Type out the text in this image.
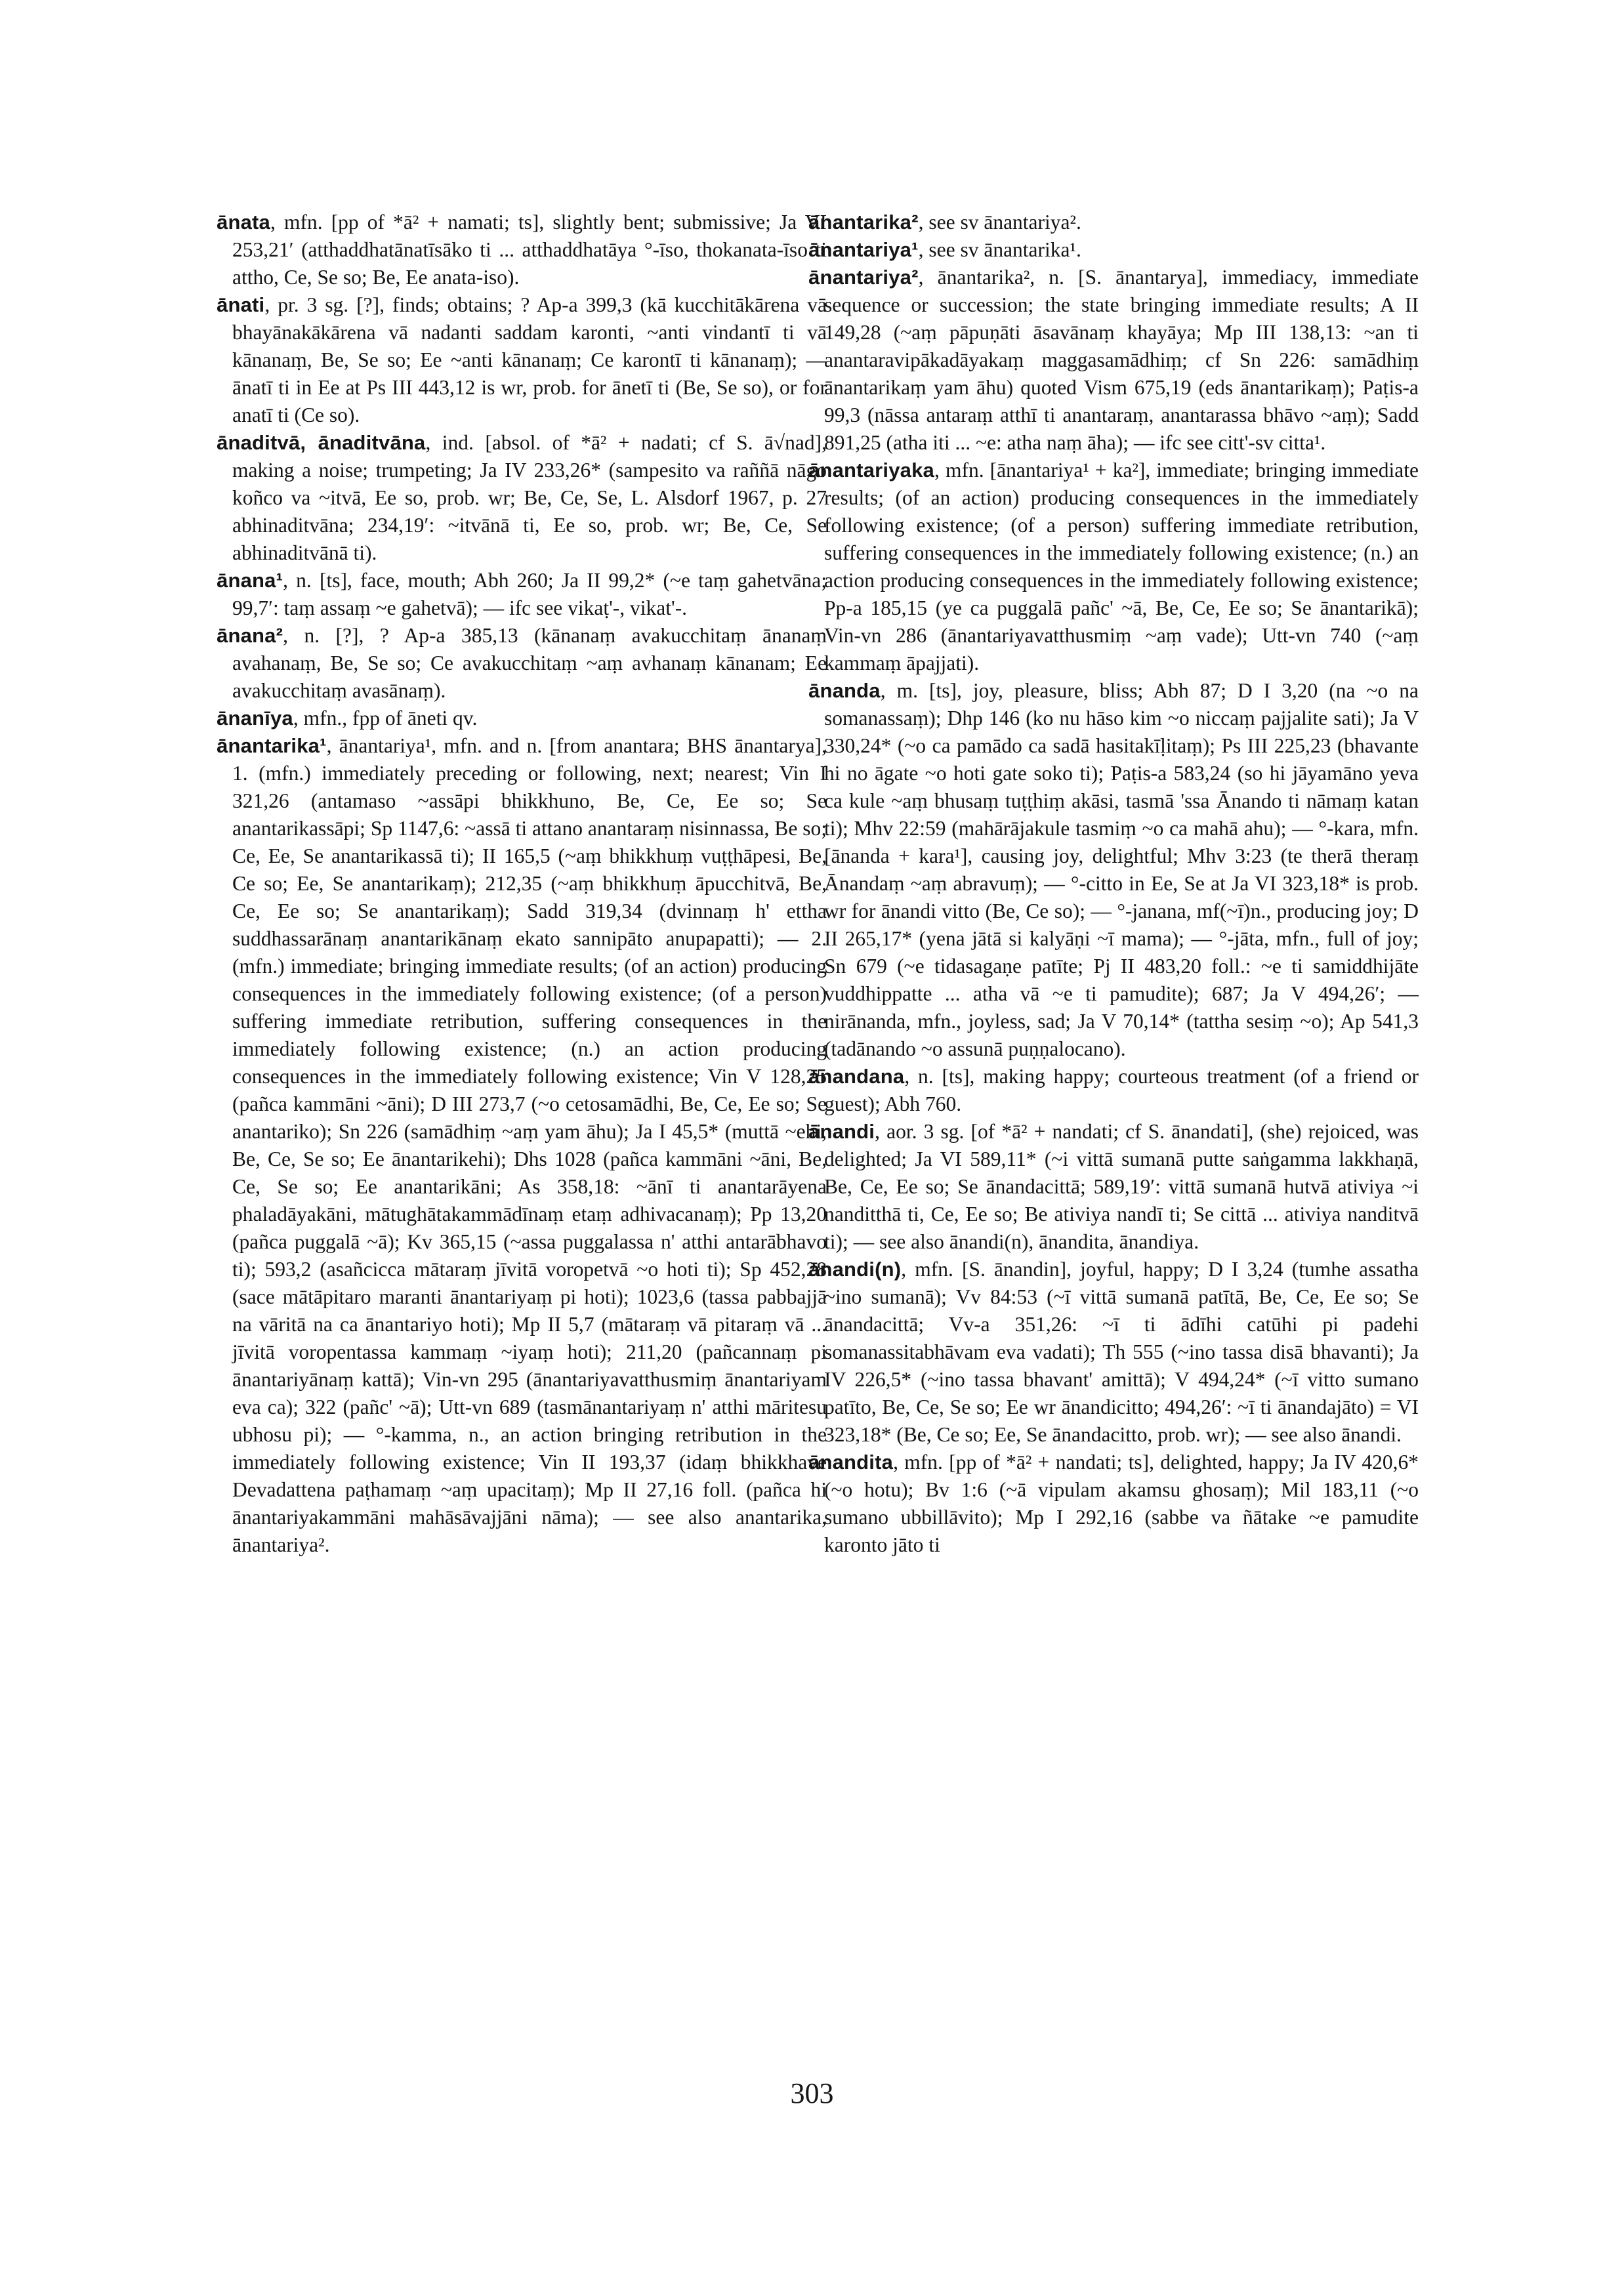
ānata, mfn. [pp of *ā² + namati; ts], slightly bent; submissive; Ja VI 253,21ʹ (atthaddhatānatīsāko ti ... atthaddhatāya °-īso, thokanata-īso ti attho, Ce, Se so; Be, Ee anata-iso).

ānati, pr. 3 sg. [?], finds; obtains; ? Ap-a 399,3 (kā kucchitākārena vā bhayānakākārena vā nadanti saddam karonti, ~anti vindantī ti vā kānanaṃ, Be, Se so; Ee ~anti kānanaṃ; Ce karontī ti kānanaṃ); — ānatī ti in Ee at Ps III 443,12 is wr, prob. for ānetī ti (Be, Se so), or for anatī ti (Ce so).

ānaditvā, ānaditvāna, ind. [absol. of *ā² + nadati; cf S. ā√nad], making a noise; trumpeting; Ja IV 233,26* (sampesito va raññā nāgo koñco va ~itvā, Ee so, prob. wr; Be, Ce, Se, L. Alsdorf 1967, p. 27 abhinaditvāna; 234,19ʹ: ~itvānā ti, Ee so, prob. wr; Be, Ce, Se abhinaditvānā ti).

ānana¹, n. [ts], face, mouth; Abh 260; Ja II 99,2* (~e taṃ gahetvāna; 99,7ʹ: taṃ assaṃ ~e gahetvā); — ifc see vikaṭ'-, vikat'-.

ānana², n. [?], ? Ap-a 385,13 (kānanaṃ avakucchitaṃ ānanaṃ avahanaṃ, Be, Se so; Ce avakucchitaṃ ~aṃ avhanaṃ kānanam; Ee avakucchitaṃ avasānaṃ).

ānanīya, mfn., fpp of āneti qv.

ānantarika¹, ānantariya¹, mfn. and n. [from anantara; BHS ānantarya], 1. (mfn.) immediately preceding or following, next; nearest; Vin I 321,26 (antamaso ~assāpi bhikkhuno, Be, Ce, Ee so; Se anantarikassāpi; Sp 1147,6: ~assā ti attano anantaraṃ nisinnassa, Be so; Ce, Ee, Se anantarikassā ti); II 165,5 (~aṃ bhikkhuṃ vuṭṭhāpesi, Be, Ce so; Ee, Se anantarikaṃ); 212,35 (~aṃ bhikkhuṃ āpucchitvā, Be, Ce, Ee so; Se anantarikaṃ); Sadd 319,34 (dvinnaṃ h' ettha suddhassarānaṃ anantarikānaṃ ekato sannipāto anupapatti); — 2. (mfn.) immediate; bringing immediate results; (of an action) producing consequences in the immediately following existence; (of a person) suffering immediate retribution, suffering consequences in the immediately following existence; (n.) an action producing consequences in the immediately following existence; Vin V 128,25 (pañca kammāni ~āni); D III 273,7 (~o cetosamādhi, Be, Ce, Ee so; Se anantariko); Sn 226 (samādhiṃ ~aṃ yam āhu); Ja I 45,5* (muttā ~ehi, Be, Ce, Se so; Ee ānantarikehi); Dhs 1028 (pañca kammāni ~āni, Be, Ce, Se so; Ee anantarikāni; As 358,18: ~ānī ti anantarāyena phaladāyakāni, mātughātakammādīnaṃ etaṃ adhivacanaṃ); Pp 13,20 (pañca puggalā ~ā); Kv 365,15 (~assa puggalassa n' atthi antarābhavo ti); 593,2 (asañcicca mātaraṃ jīvitā voropetvā ~o hoti ti); Sp 452,28 (sace mātāpitaro maranti ānantariyaṃ pi hoti); 1023,6 (tassa pabbajjā na vāritā na ca ānantariyo hoti); Mp II 5,7 (mātaraṃ vā pitaraṃ vā ... jīvitā voropentassa kammaṃ ~iyaṃ hoti); 211,20 (pañcannaṃ pi ānantariyānaṃ kattā); Vin-vn 295 (ānantariyavatthusmiṃ ānantariyam eva ca); 322 (pañc' ~ā); Utt-vn 689 (tasmānantariyaṃ n' atthi māritesu ubhosu pi); — °-kamma, n., an action bringing retribution in the immediately following existence; Vin II 193,37 (idaṃ bhikkhave Devadattena paṭhamaṃ ~aṃ upacitaṃ); Mp II 27,16 foll. (pañca hi ānantariyakammāni mahāsāvajjāni nāma); — see also anantarika, ānantariya².

ānantarika², see sv ānantariya².

ānantariya¹, see sv ānantarika¹.

ānantariya², ānantarika², n. [S. ānantarya], immediacy, immediate sequence or succession; the state bringing immediate results; A II 149,28 (~aṃ pāpuṇāti āsavānaṃ khayāya; Mp III 138,13: ~an ti anantaravipākadāyakaṃ maggasamādhiṃ; cf Sn 226: samādhiṃ ānantarikaṃ yam āhu) quoted Vism 675,19 (eds ānantarikaṃ); Paṭis-a 99,3 (nāssa antaraṃ atthī ti anantaraṃ, anantarassa bhāvo ~aṃ); Sadd 891,25 (atha iti ... ~e: atha naṃ āha); — ifc see citt'-sv citta¹.

ānantariyaka, mfn. [ānantariya¹ + ka²], immediate; bringing immediate results; (of an action) producing consequences in the immediately following existence; (of a person) suffering immediate retribution, suffering consequences in the immediately following existence; (n.) an action producing consequences in the immediately following existence; Pp-a 185,15 (ye ca puggalā pañc' ~ā, Be, Ce, Ee so; Se ānantarikā); Vin-vn 286 (ānantariyavatthusmiṃ ~aṃ vade); Utt-vn 740 (~aṃ kammaṃ āpajjati).

ānanda, m. [ts], joy, pleasure, bliss; Abh 87; D I 3,20 (na ~o na somanassaṃ); Dhp 146 (ko nu hāso kim ~o niccaṃ pajjalite sati); Ja V 330,24* (~o ca pamādo ca sadā hasitakīḷitaṃ); Ps III 225,23 (bhavante hi no āgate ~o hoti gate soko ti); Paṭis-a 583,24 (so hi jāyamāno yeva ca kule ~aṃ bhusaṃ tuṭṭhiṃ akāsi, tasmā 'ssa Ānando ti nāmaṃ katan ti); Mhv 22:59 (mahārājakule tasmiṃ ~o ca mahā ahu); — °-kara, mfn. [ānanda + kara¹], causing joy, delightful; Mhv 3:23 (te therā theraṃ Ānandaṃ ~aṃ abravuṃ); — °-citto in Ee, Se at Ja VI 323,18* is prob. wr for ānandi vitto (Be, Ce so); — °-janana, mf(~ī)n., producing joy; D II 265,17* (yena jātā si kalyāṇi ~ī mama); — °-jāta, mfn., full of joy; Sn 679 (~e tidasagaṇe patīte; Pj II 483,20 foll.: ~e ti samiddhijāte vuddhippatte ... atha vā ~e ti pamudite); 687; Ja V 494,26ʹ; — nirānanda, mfn., joyless, sad; Ja V 70,14* (tattha sesiṃ ~o); Ap 541,3 (tadānando ~o assunā puṇṇalocano).

ānandana, n. [ts], making happy; courteous treatment (of a friend or guest); Abh 760.

ānandi, aor. 3 sg. [of *ā² + nandati; cf S. ānandati], (she) rejoiced, was delighted; Ja VI 589,11* (~i vittā sumanā putte saṅgamma lakkhaṇā, Be, Ce, Ee so; Se ānandacittā; 589,19ʹ: vittā sumanā hutvā ativiya ~i nanditthā ti, Ce, Ee so; Be ativiya nandī ti; Se cittā ... ativiya nanditvā ti); — see also ānandi(n), ānandita, ānandiya.

ānandi(n), mfn. [S. ānandin], joyful, happy; D I 3,24 (tumhe assatha ~ino sumanā); Vv 84:53 (~ī vittā sumanā patītā, Be, Ce, Ee so; Se ānandacittā; Vv-a 351,26: ~ī ti ādīhi catūhi pi padehi somanassitabhāvam eva vadati); Th 555 (~ino tassa disā bhavanti); Ja IV 226,5* (~ino tassa bhavant' amittā); V 494,24* (~ī vitto sumano patīto, Be, Ce, Se so; Ee wr ānandicitto; 494,26ʹ: ~ī ti ānandajāto) = VI 323,18* (Be, Ce so; Ee, Se ānandacitto, prob. wr); — see also ānandi.

ānandita, mfn. [pp of *ā² + nandati; ts], delighted, happy; Ja IV 420,6* (~o hotu); Bv 1:6 (~ā vipulam akamsu ghosaṃ); Mil 183,11 (~o sumano ubbillāvito); Mp I 292,16 (sabbe va ñātake ~e pamudite karonto jāto ti

303
